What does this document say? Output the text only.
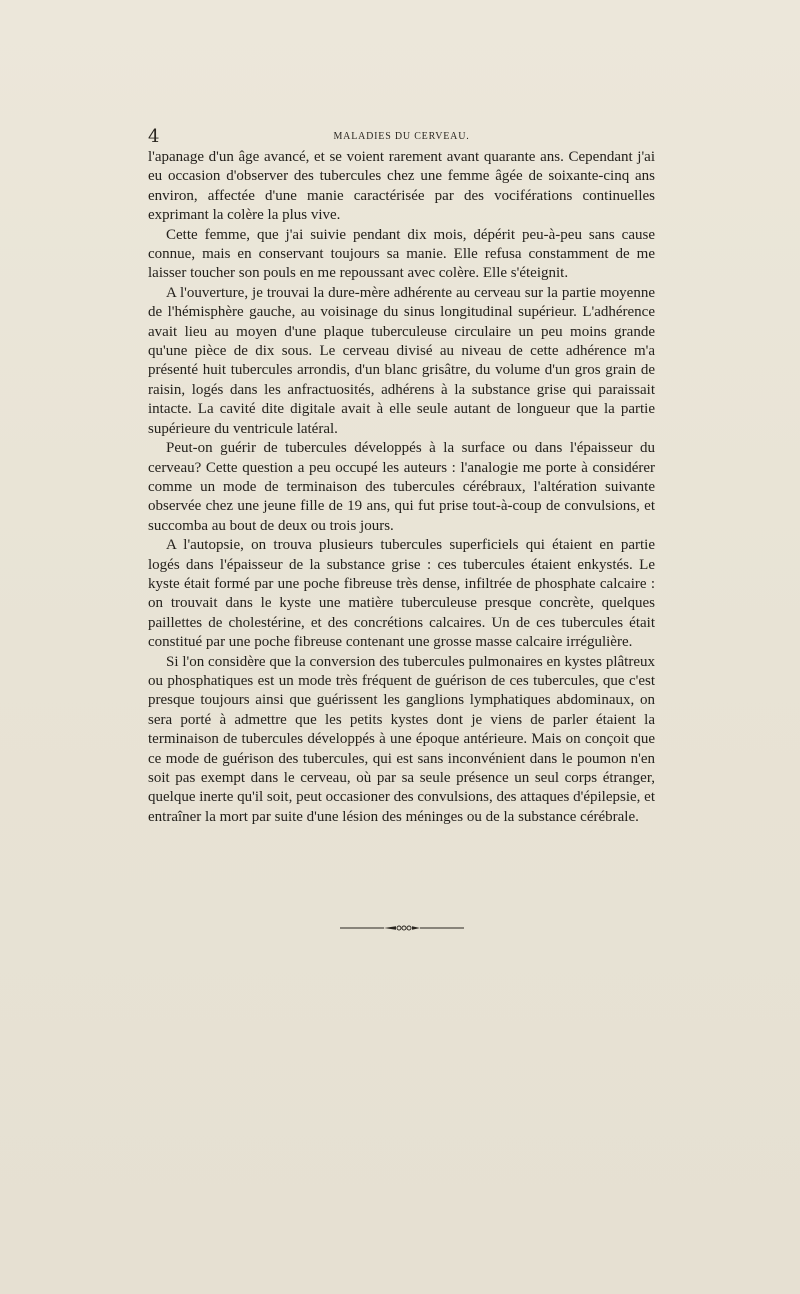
4	MALADIES DU CERVEAU.

l'apanage d'un âge avancé, et se voient rarement avant quarante ans. Cependant j'ai eu occasion d'observer des tubercules chez une femme âgée de soixante-cinq ans environ, affectée d'une manie caractérisée par des vociférations continuelles exprimant la colère la plus vive.

Cette femme, que j'ai suivie pendant dix mois, dépérit peu-à-peu sans cause connue, mais en conservant toujours sa manie. Elle refusa constamment de me laisser toucher son pouls en me repoussant avec colère. Elle s'éteignit.

A l'ouverture, je trouvai la dure-mère adhérente au cerveau sur la partie moyenne de l'hémisphère gauche, au voisinage du sinus longitudinal supérieur. L'adhérence avait lieu au moyen d'une plaque tuberculeuse circulaire un peu moins grande qu'une pièce de dix sous. Le cerveau divisé au niveau de cette adhérence m'a présenté huit tubercules arrondis, d'un blanc grisâtre, du volume d'un gros grain de raisin, logés dans les anfractuosités, adhérens à la substance grise qui paraissait intacte. La cavité dite digitale avait à elle seule autant de longueur que la partie supérieure du ventricule latéral.

Peut-on guérir de tubercules développés à la surface ou dans l'épaisseur du cerveau? Cette question a peu occupé les auteurs : l'analogie me porte à considérer comme un mode de terminaison des tubercules cérébraux, l'altération suivante observée chez une jeune fille de 19 ans, qui fut prise tout-à-coup de convulsions, et succomba au bout de deux ou trois jours.

A l'autopsie, on trouva plusieurs tubercules superficiels qui étaient en partie logés dans l'épaisseur de la substance grise : ces tubercules étaient enkystés. Le kyste était formé par une poche fibreuse très dense, infiltrée de phosphate calcaire : on trouvait dans le kyste une matière tuberculeuse presque concrète, quelques paillettes de cholestérine, et des concrétions calcaires. Un de ces tubercules était constitué par une poche fibreuse contenant une grosse masse calcaire irrégulière.

Si l'on considère que la conversion des tubercules pulmonaires en kystes plâtreux ou phosphatiques est un mode très fréquent de guérison de ces tubercules, que c'est presque toujours ainsi que guérissent les ganglions lymphatiques abdominaux, on sera porté à admettre que les petits kystes dont je viens de parler étaient la terminaison de tubercules développés à une époque antérieure. Mais on conçoit que ce mode de guérison des tubercules, qui est sans inconvénient dans le poumon n'en soit pas exempt dans le cerveau, où par sa seule présence un seul corps étranger, quelque inerte qu'il soit, peut occasioner des convulsions, des attaques d'épilepsie, et entraîner la mort par suite d'une lésion des méninges ou de la substance cérébrale.
